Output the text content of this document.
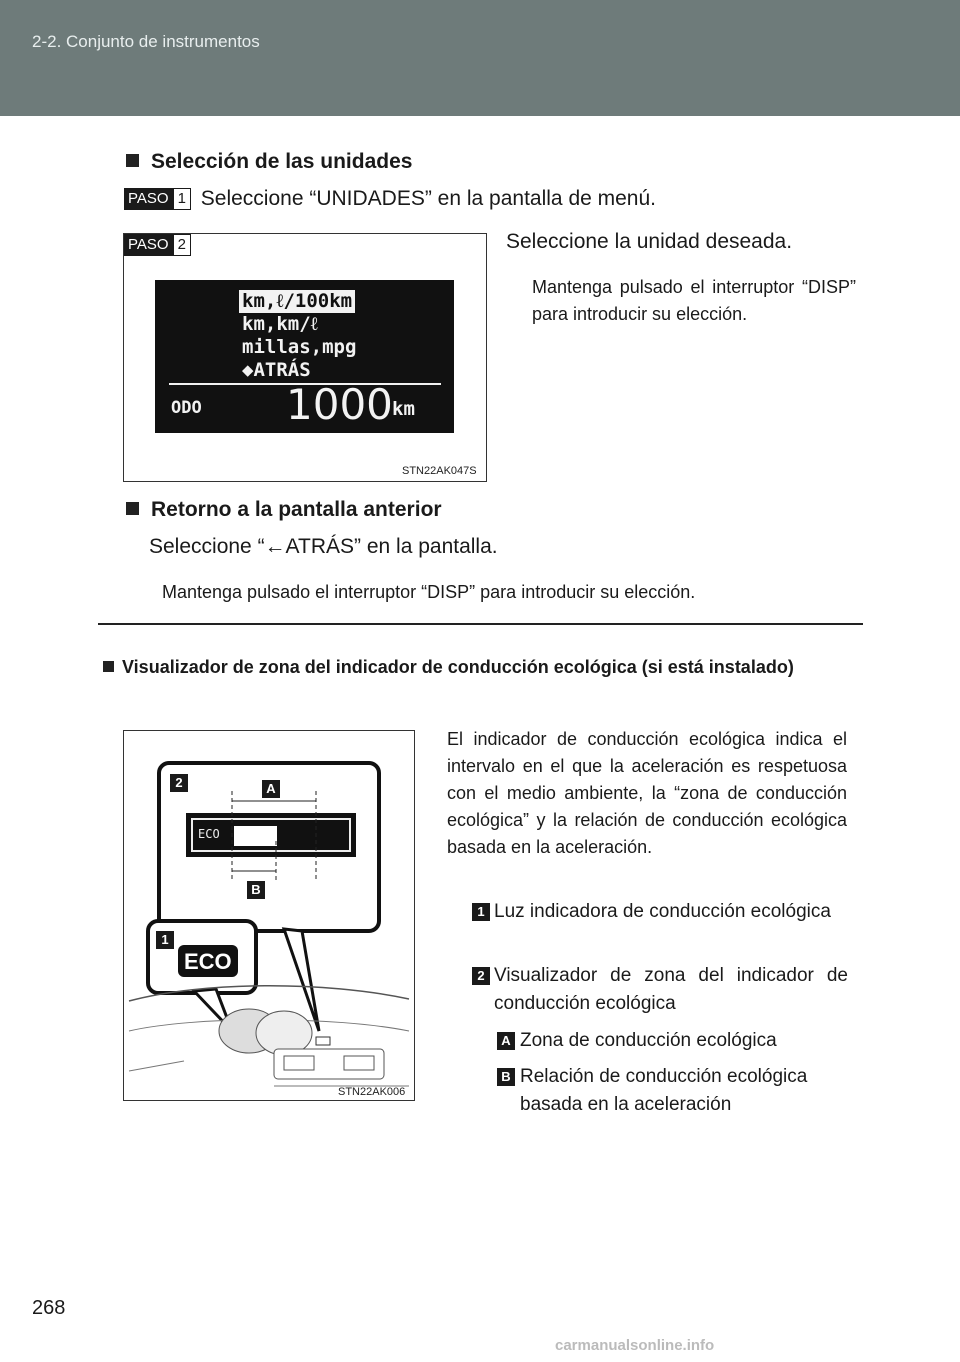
2-2. Conjunto de instrumentos
Selección de las unidades
PASO 1 Seleccione “UNIDADES” en la pantalla de menú.
PASO 2
km,ℓ/100km
km,km/ℓ
millas,mpg
◆ATRÁS
ODO 1000 km
STN22AK047S
Seleccione la unidad deseada.
Mantenga pulsado el interruptor “DISP” para introducir su elección.
Retorno a la pantalla anterior
Seleccione “←ATRÁS” en la pantalla.
Mantenga pulsado el interruptor “DISP” para introducir su elección.
Visualizador de zona del indicador de conducción ecológica (si está instalado)
2	A
B
1
ECO
ECO
STN22AK006
El indicador de conducción ecológica indica el intervalo en el que la aceleración es respetuosa con el medio ambiente, la “zona de conducción ecológica” y la relación de conducción ecológica basada en la aceleración.
1 Luz indicadora de conducción ecológica
2 Visualizador de zona del indicador de conducción ecológica
A Zona de conducción ecológica
B Relación de conducción ecológica basada en la aceleración
268
carmanualsonline.info
